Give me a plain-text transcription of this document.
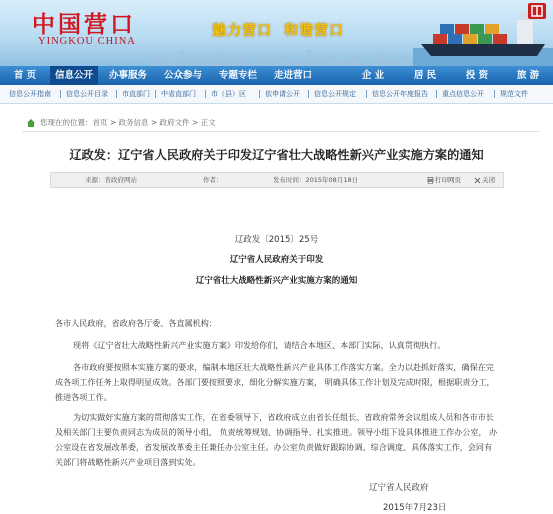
中国营口
YINGKOU CHINA
魅力营口 和谐营口
首 页	信息公开	办事服务	公众参与	专题专栏	走进营口	企 业	居 民	投 资	旅 游
信息公开指南 信息公开目录 市直部门 中省直部门 市（县）区	依申请公开 信息公开规定 信息公开年度报告 重点信息公开 规范文件
您现在的位置：首页 > 政务信息 > 政府文件 > 正文
辽政发：辽宁省人民政府关于印发辽宁省壮大战略性新兴产业实施方案的通知
来源：省政府网站	作者：	发布时间：2015年08月18日	打印网页	关闭
辽政发〔2015〕25号
辽宁省人民政府关于印发
辽宁省壮大战略性新兴产业实施方案的通知

各市人民政府，省政府各厅委、各直属机构：

现将《辽宁省壮大战略性新兴产业实施方案》印发给你们，请结合本地区、本部门实际，认真贯彻执行。

各市政府要按照本实施方案的要求，编制本地区壮大战略性新兴产业具体工作落实方案。全力以赴抓好落实，确保在完成各项工作任务上取得明显成效。各部门要按照要求，细化分解实施方案， 明确具体工作计划及完成时限，根据职责分工，推进各项工作。

为切实做好实施方案的贯彻落实工作，在省委领导下，省政府成立由省长任组长、省政府常务会议组成人员和各市市长及相关部门主要负责同志为成员的领导小组， 负责统筹规划、协调指导、扎实推进。领导小组下设具体推进工作办公室， 办公室设在省发展改革委，省发展改革委主任兼任办公室主任。办公室负责做好跟踪协调、综合调度、具体落实工作，会同有关部门将战略性新兴产业项目落到实处。

辽宁省人民政府
2015年7月23日
